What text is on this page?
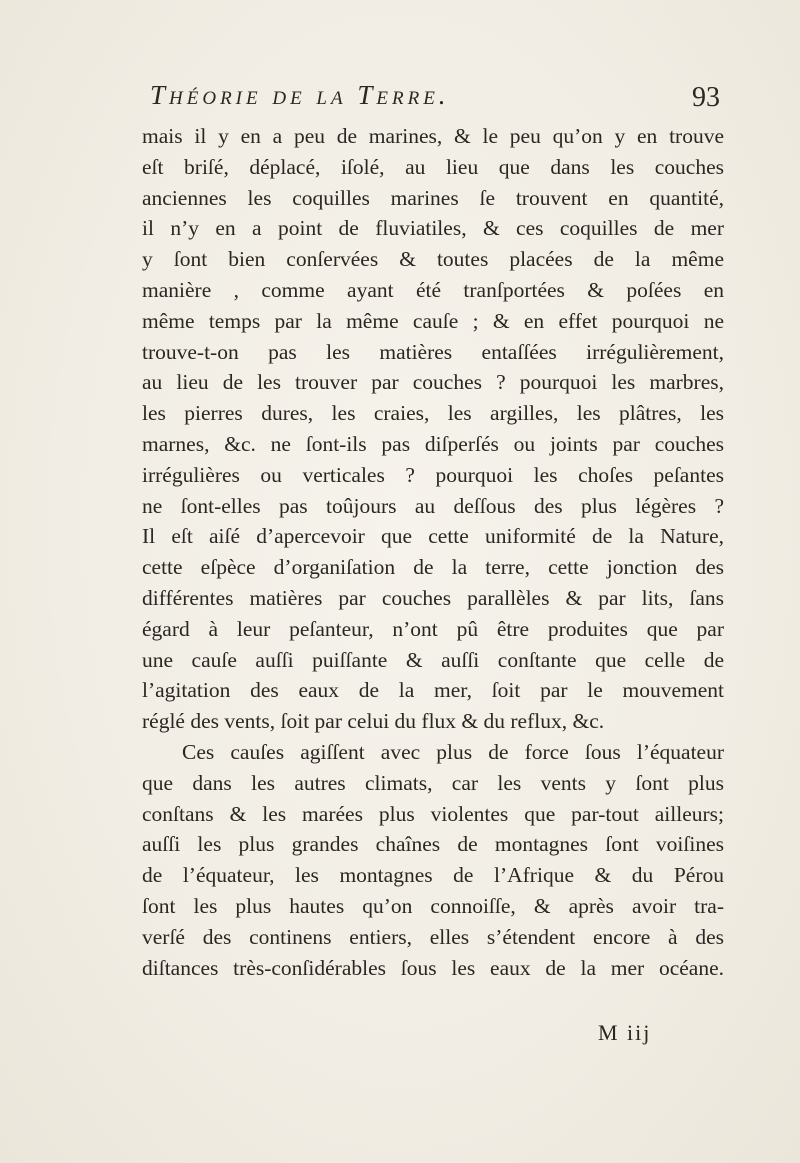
Théorie de la Terre.	93
mais il y en a peu de marines, & le peu qu’on y en trouve
eſt briſé, déplacé, iſolé, au lieu que dans les couches
anciennes les coquilles marines ſe trouvent en quantité,
il n’y en a point de fluviatiles, & ces coquilles de mer
y ſont bien conſervées & toutes placées de la même
manière , comme ayant été tranſportées & poſées en
même temps par la même cauſe ; & en effet pourquoi ne
trouve-t-on pas les matières entaſſées irrégulièrement,
au lieu de les trouver par couches ? pourquoi les marbres,
les pierres dures, les craies, les argilles, les plâtres, les
marnes, &c. ne ſont-ils pas diſperſés ou joints par couches
irrégulières ou verticales ? pourquoi les choſes peſantes
ne ſont-elles pas toûjours au deſſous des plus légères ?
Il eſt aiſé d’apercevoir que cette uniformité de la Nature,
cette eſpèce d’organiſation de la terre, cette jonction des
différentes matières par couches parallèles & par lits, ſans
égard à leur peſanteur, n’ont pû être produites que par
une cauſe auſſi puiſſante & auſſi conſtante que celle de
l’agitation des eaux de la mer, ſoit par le mouvement
réglé des vents, ſoit par celui du flux & du reflux, &c.
Ces cauſes agiſſent avec plus de force ſous l’équateur
que dans les autres climats, car les vents y ſont plus
conſtans & les marées plus violentes que par-tout ailleurs;
auſſi les plus grandes chaînes de montagnes ſont voiſines
de l’équateur, les montagnes de l’Afrique & du Pérou
ſont les plus hautes qu’on connoiſſe, & après avoir tra-
verſé des continens entiers, elles s’étendent encore à des
diſtances très-conſidérables ſous les eaux de la mer océane.
M iij
